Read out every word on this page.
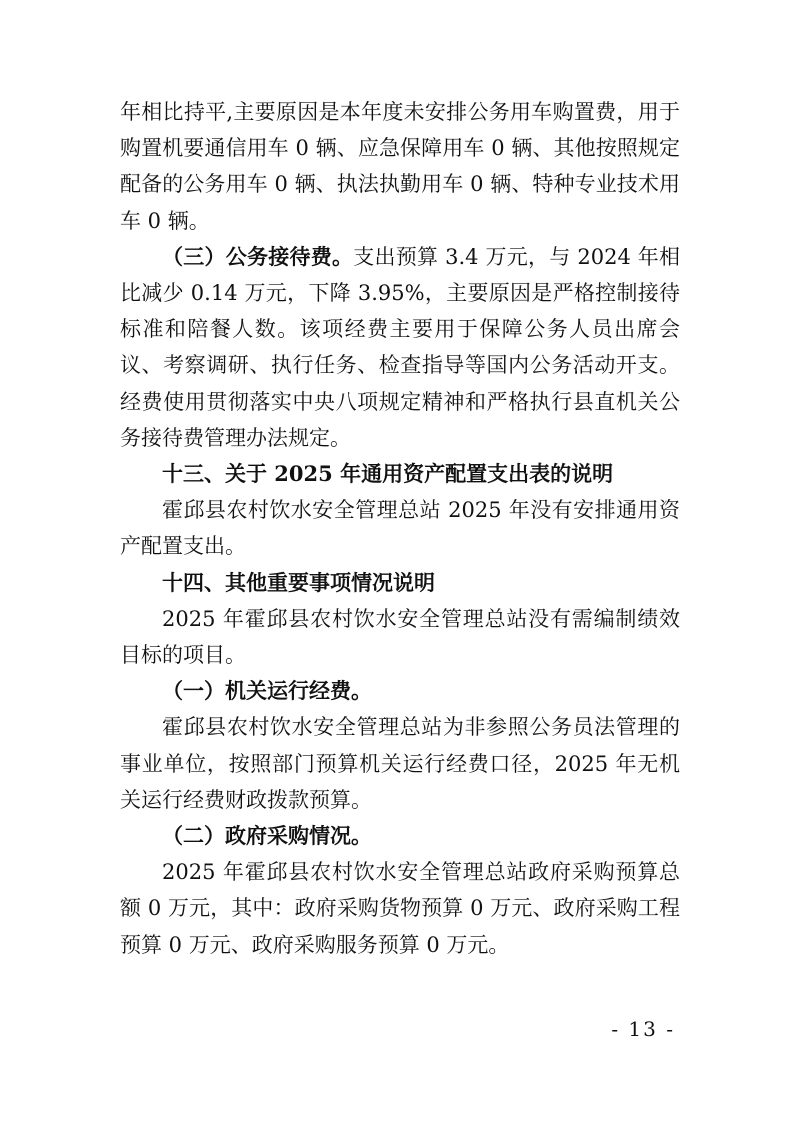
年相比持平,主要原因是本年度未安排公务用车购置费，用于购置机要通信用车 0 辆、应急保障用车 0 辆、其他按照规定配备的公务用车 0 辆、执法执勤用车 0 辆、特种专业技术用车 0 辆。

（三）公务接待费。支出预算 3.4 万元，与 2024 年相比减少 0.14 万元，下降 3.95%，主要原因是严格控制接待标准和陪餐人数。该项经费主要用于保障公务人员出席会议、考察调研、执行任务、检查指导等国内公务活动开支。经费使用贯彻落实中央八项规定精神和严格执行县直机关公务接待费管理办法规定。

十三、关于 2025 年通用资产配置支出表的说明

霍邱县农村饮水安全管理总站 2025 年没有安排通用资产配置支出。

十四、其他重要事项情况说明

2025 年霍邱县农村饮水安全管理总站没有需编制绩效目标的项目。

（一）机关运行经费。

霍邱县农村饮水安全管理总站为非参照公务员法管理的事业单位，按照部门预算机关运行经费口径，2025 年无机关运行经费财政拨款预算。

（二）政府采购情况。

2025 年霍邱县农村饮水安全管理总站政府采购预算总额 0 万元，其中：政府采购货物预算 0 万元、政府采购工程预算 0 万元、政府采购服务预算 0 万元。

- 13 -
